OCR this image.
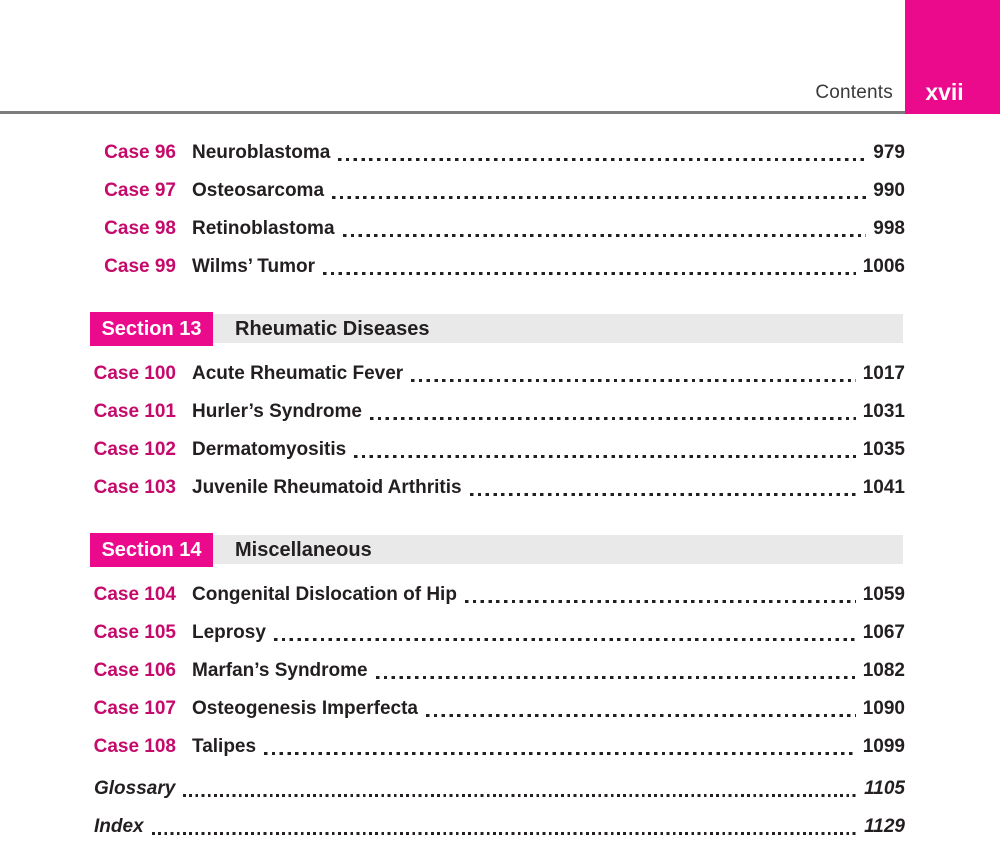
Contents	xvii
Case 96 Neuroblastoma	979
Case 97 Osteosarcoma	990
Case 98 Retinoblastoma	998
Case 99 Wilms’ Tumor	1006
Section 13	Rheumatic Diseases
Case 100 Acute Rheumatic Fever	1017
Case 101 Hurler’s Syndrome	1031
Case 102 Dermatomyositis	1035
Case 103 Juvenile Rheumatoid Arthritis	1041
Section 14	Miscellaneous
Case 104 Congenital Dislocation of Hip	1059
Case 105 Leprosy	1067
Case 106 Marfan’s Syndrome	1082
Case 107 Osteogenesis Imperfecta	1090
Case 108 Talipes	1099
Glossary	1105
Index	1129
